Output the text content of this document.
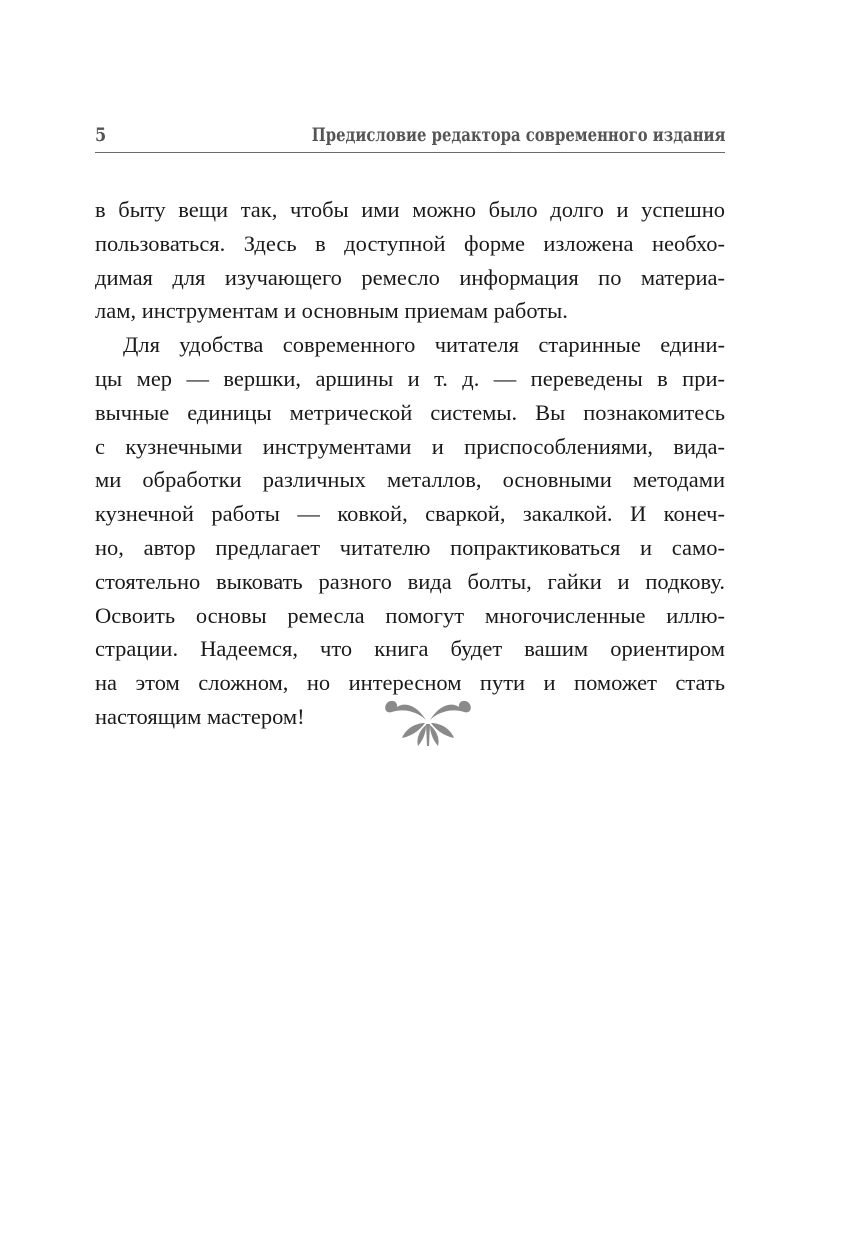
5	Предисловие редактора современного издания
в быту вещи так, чтобы ими можно было долго и успешно
пользоваться. Здесь в доступной форме изложена необхо-
димая для изучающего ремесло информация по материа-
лам, инструментам и основным приемам работы.
Для удобства современного читателя старинные едини-
цы мер — вершки, аршины и т. д. — переведены в при-
вычные единицы метрической системы. Вы познакомитесь
с кузнечными инструментами и приспособлениями, вида-
ми обработки различных металлов, основными методами
кузнечной работы — ковкой, сваркой, закалкой. И конеч-
но, автор предлагает читателю попрактиковаться и само-
стоятельно выковать разного вида болты, гайки и подкову.
Освоить основы ремесла помогут многочисленные иллю-
страции. Надеемся, что книга будет вашим ориентиром
на этом сложном, но интересном пути и поможет стать
настоящим мастером!
